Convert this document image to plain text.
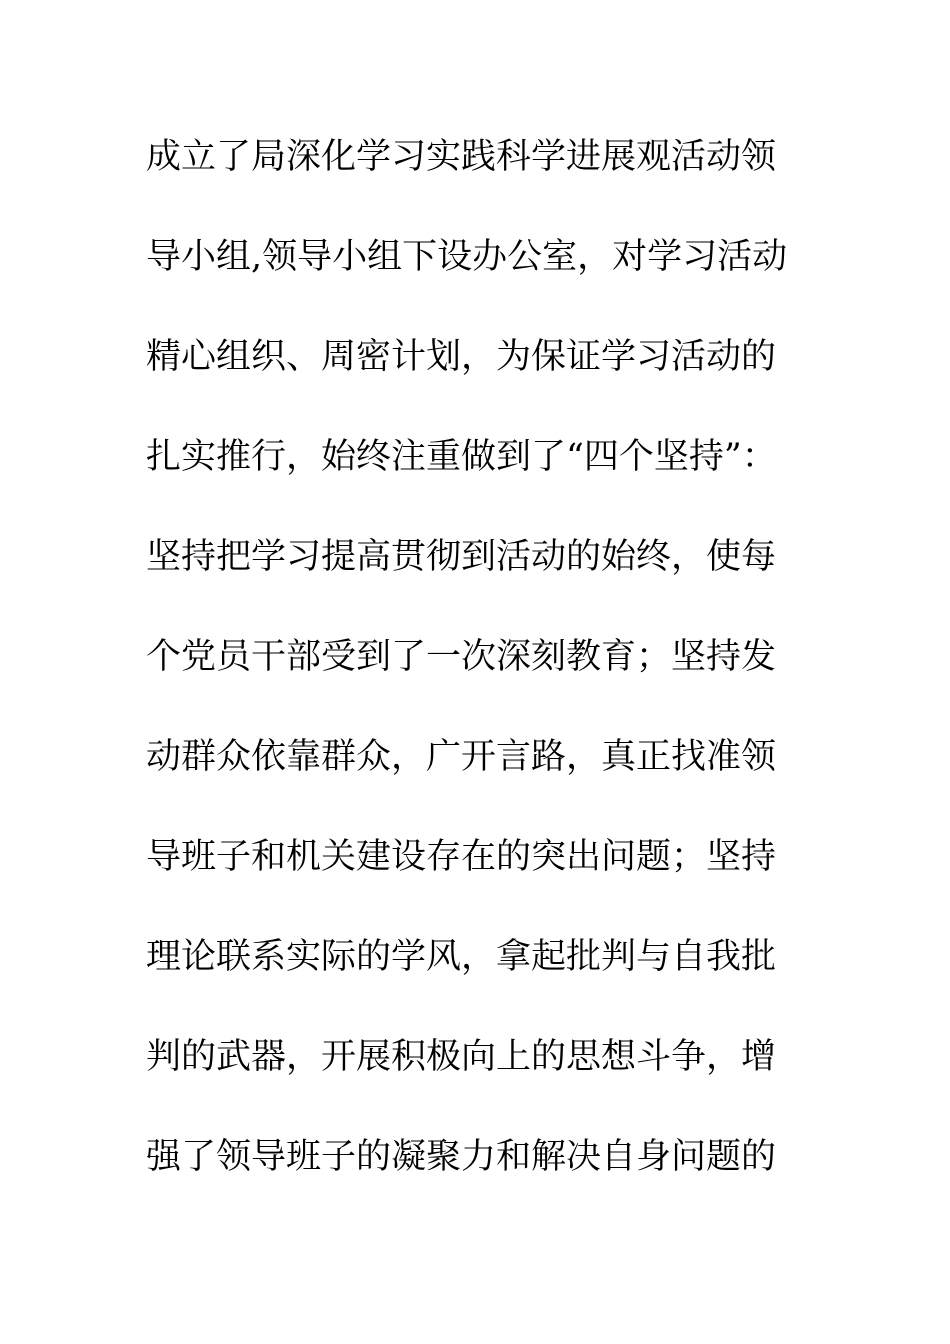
成立了局深化学习实践科学进展观活动领
导小组,领导小组下设办公室，对学习活动
精心组织、周密计划，为保证学习活动的
扎实推行，始终注重做到了“四个坚持”：
坚持把学习提高贯彻到活动的始终，使每
个党员干部受到了一次深刻教育；坚持发
动群众依靠群众，广开言路，真正找准领
导班子和机关建设存在的突出问题；坚持
理论联系实际的学风，拿起批判与自我批
判的武器，开展积极向上的思想斗争，增
强了领导班子的凝聚力和解决自身问题的
